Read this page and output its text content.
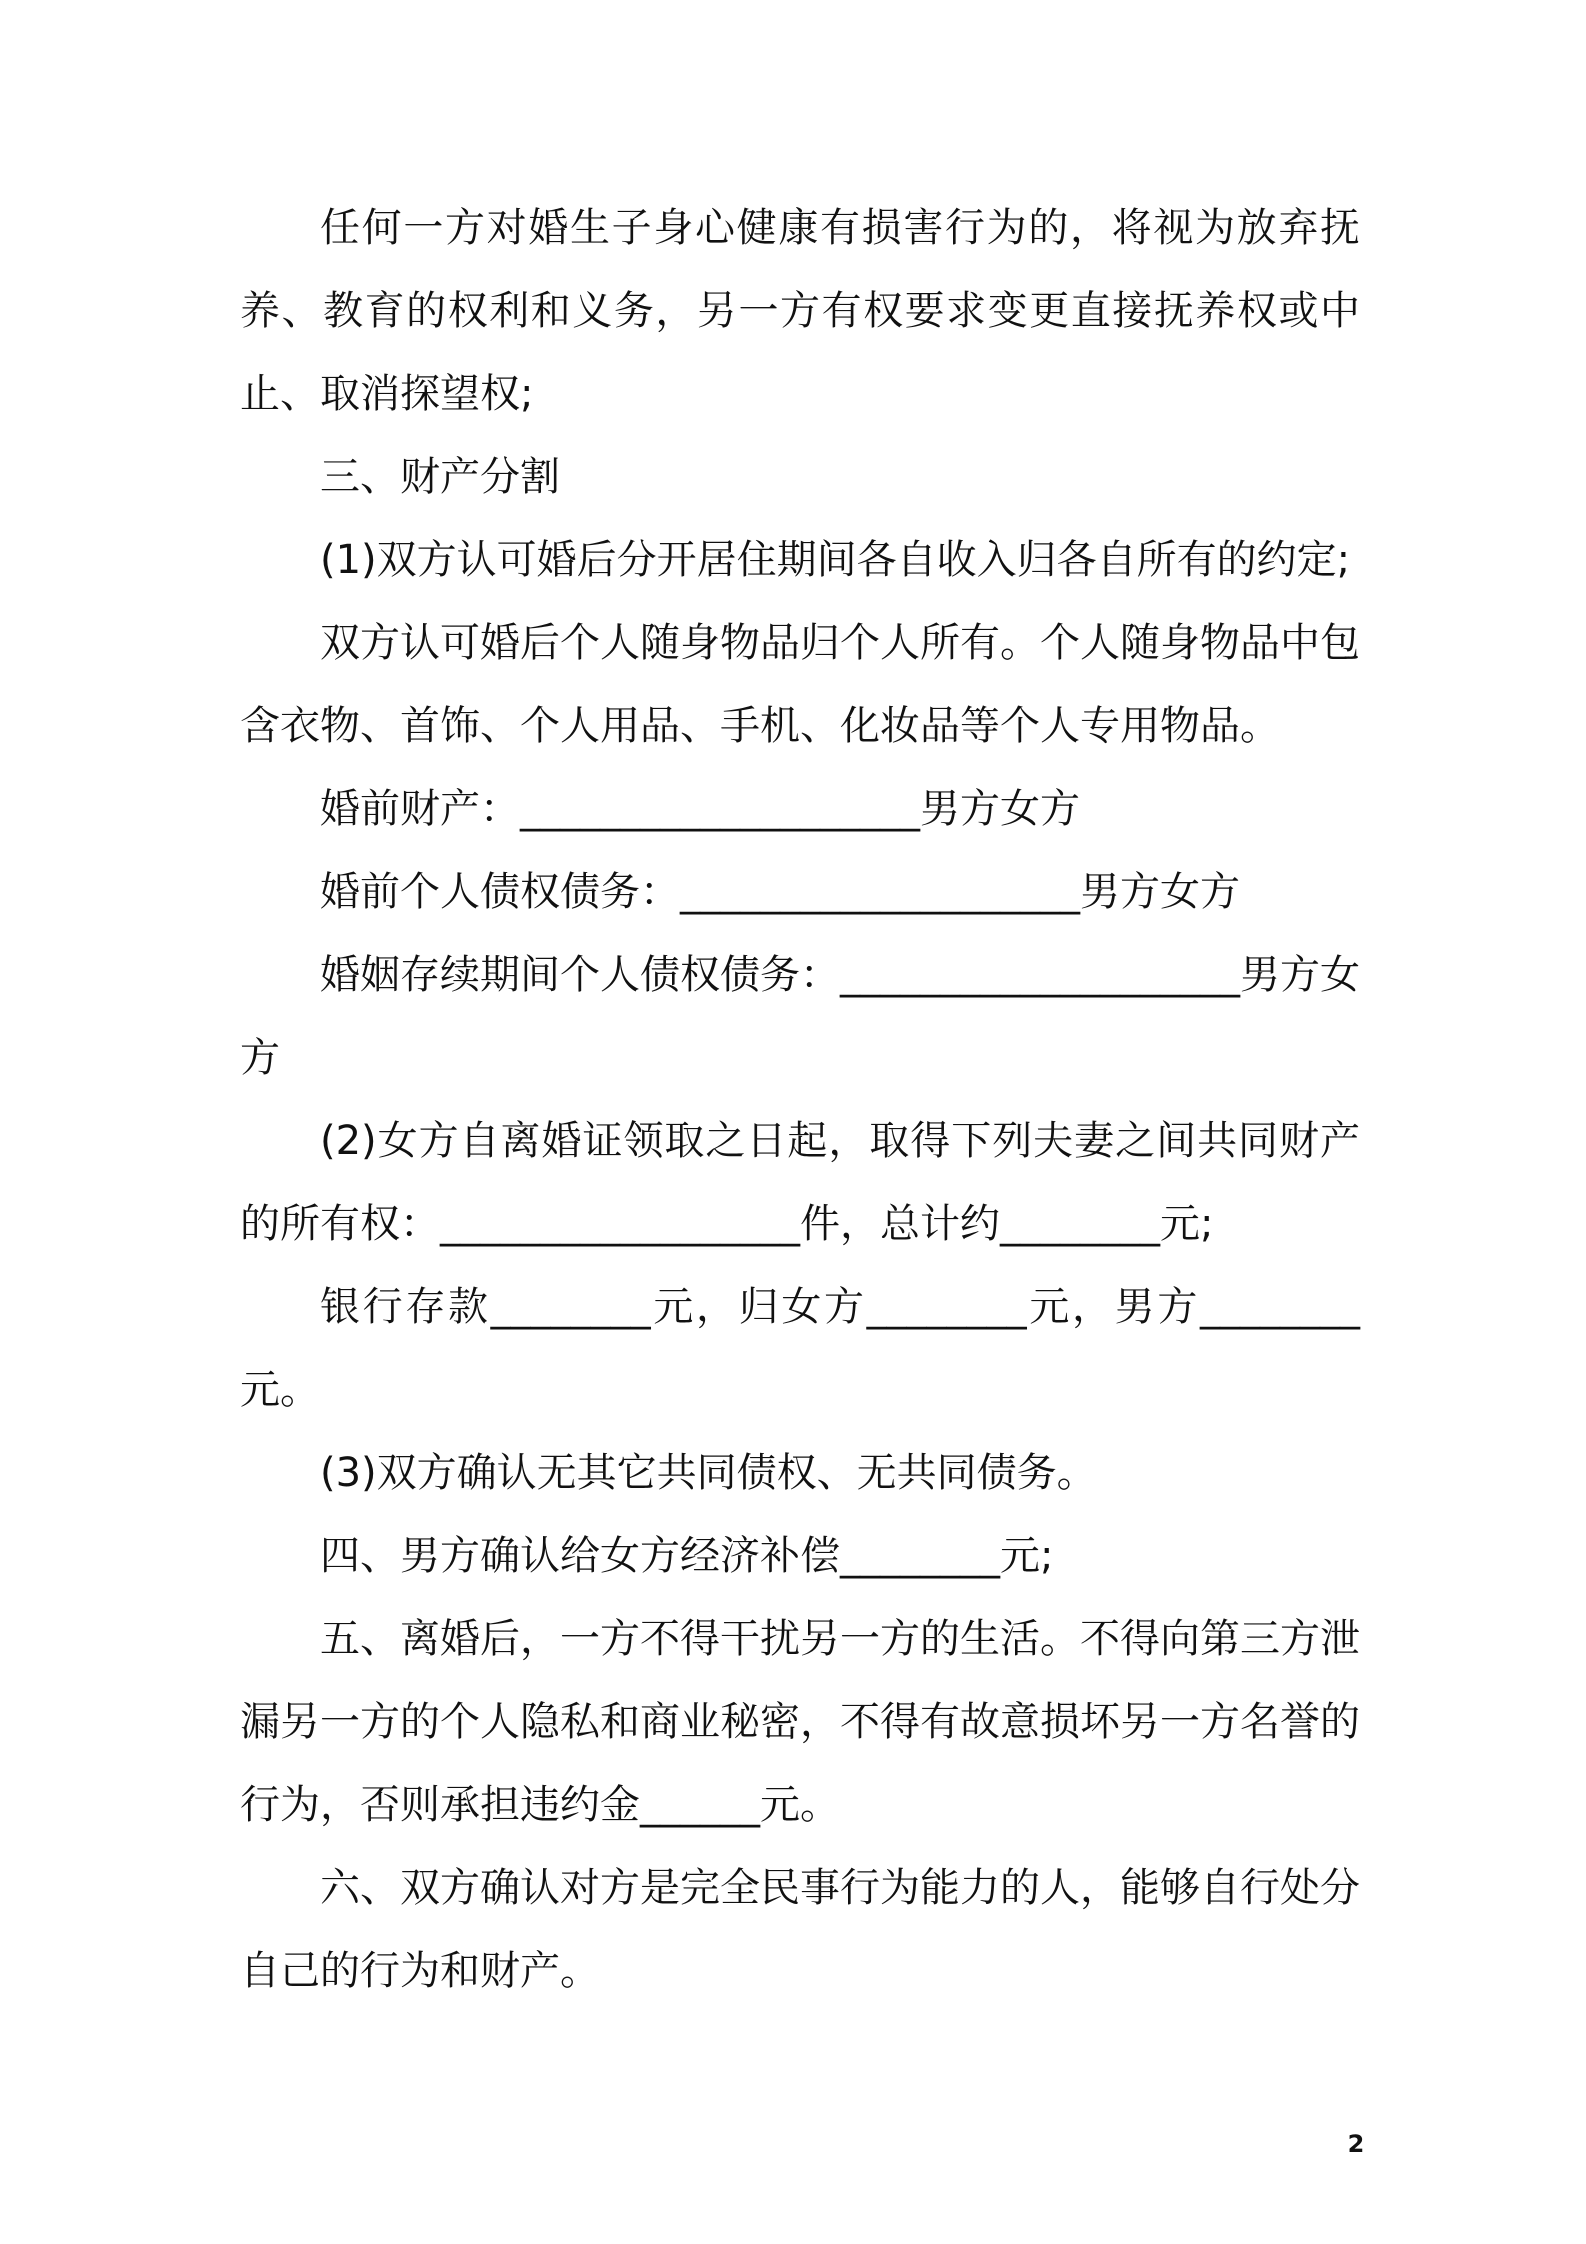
任何一方对婚生子身心健康有损害行为的，将视为放弃抚养、教育的权利和义务，另一方有权要求变更直接抚养权或中止、取消探望权;

三、财产分割

(1)双方认可婚后分开居住期间各自收入归各自所有的约定;

双方认可婚后个人随身物品归个人所有。个人随身物品中包含衣物、首饰、个人用品、手机、化妆品等个人专用物品。

婚前财产：____________________男方女方

婚前个人债权债务：____________________男方女方

婚姻存续期间个人债权债务：____________________男方女方

(2)女方自离婚证领取之日起，取得下列夫妻之间共同财产的所有权：__________________件，总计约________元;

银行存款________元，归女方________元，男方________元。

(3)双方确认无其它共同债权、无共同债务。

四、男方确认给女方经济补偿________元;

五、离婚后，一方不得干扰另一方的生活。不得向第三方泄漏另一方的个人隐私和商业秘密，不得有故意损坏另一方名誉的行为，否则承担违约金______元。

六、双方确认对方是完全民事行为能力的人，能够自行处分自己的行为和财产。

2
